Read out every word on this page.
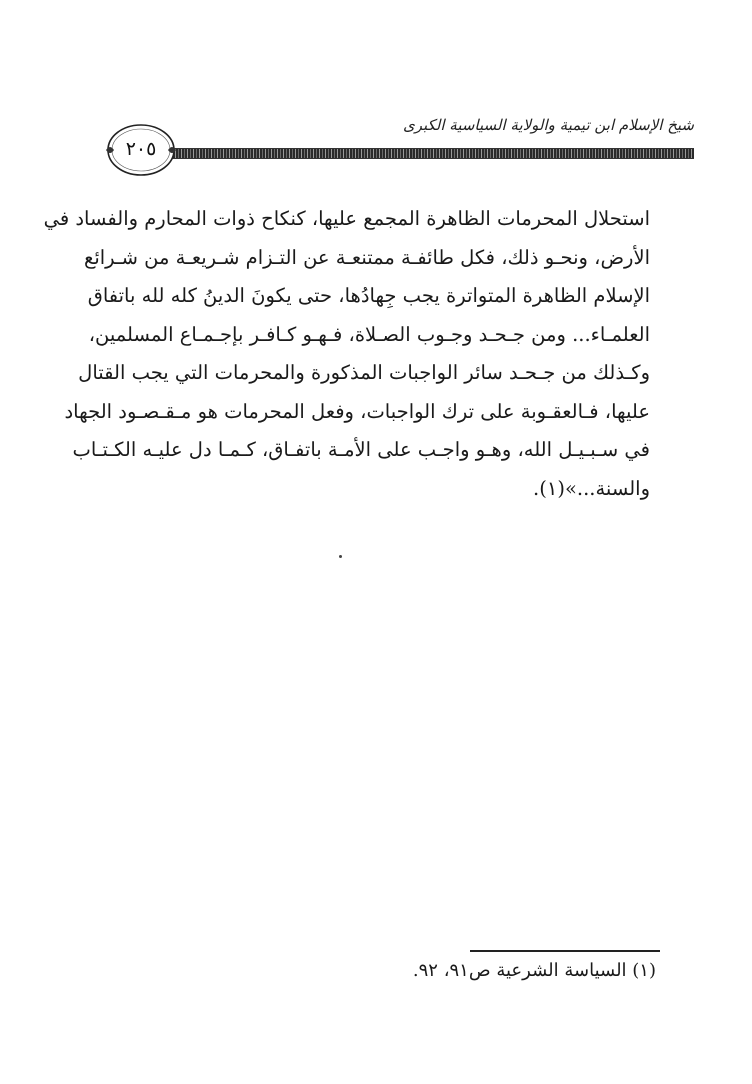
شيخ الإسلام ابن تيمية والولاية السياسية الكبرى
٢٠٥
استحلال المحرمات الظاهرة المجمع عليها، كنكاح ذوات المحارم والفساد في
الأرض، ونحـو ذلك، فكل طائفـة ممتنعـة عن التـزام شـريعـة من شـرائع
الإسلام الظاهرة المتواترة يجب جِهادُها، حتى يكونَ الدينُ كله لله باتفاق
العلمـاء... ومن جـحـد وجـوب الصـلاة، فـهـو كـافـر بإجـمـاع المسلمين،
وكـذلك من جـحـد سائر الواجبات المذكورة والمحرمات التي يجب القتال
عليها، فـالعقـوبة على ترك الواجبات، وفعل المحرمات هو مـقـصـود الجهاد
في سـبـيـل الله، وهـو واجـب على الأمـة باتفـاق، كـمـا دل عليـه الكـتـاب
والسنة...»(١).
(١) السياسة الشرعية ص٩١، ٩٢.
